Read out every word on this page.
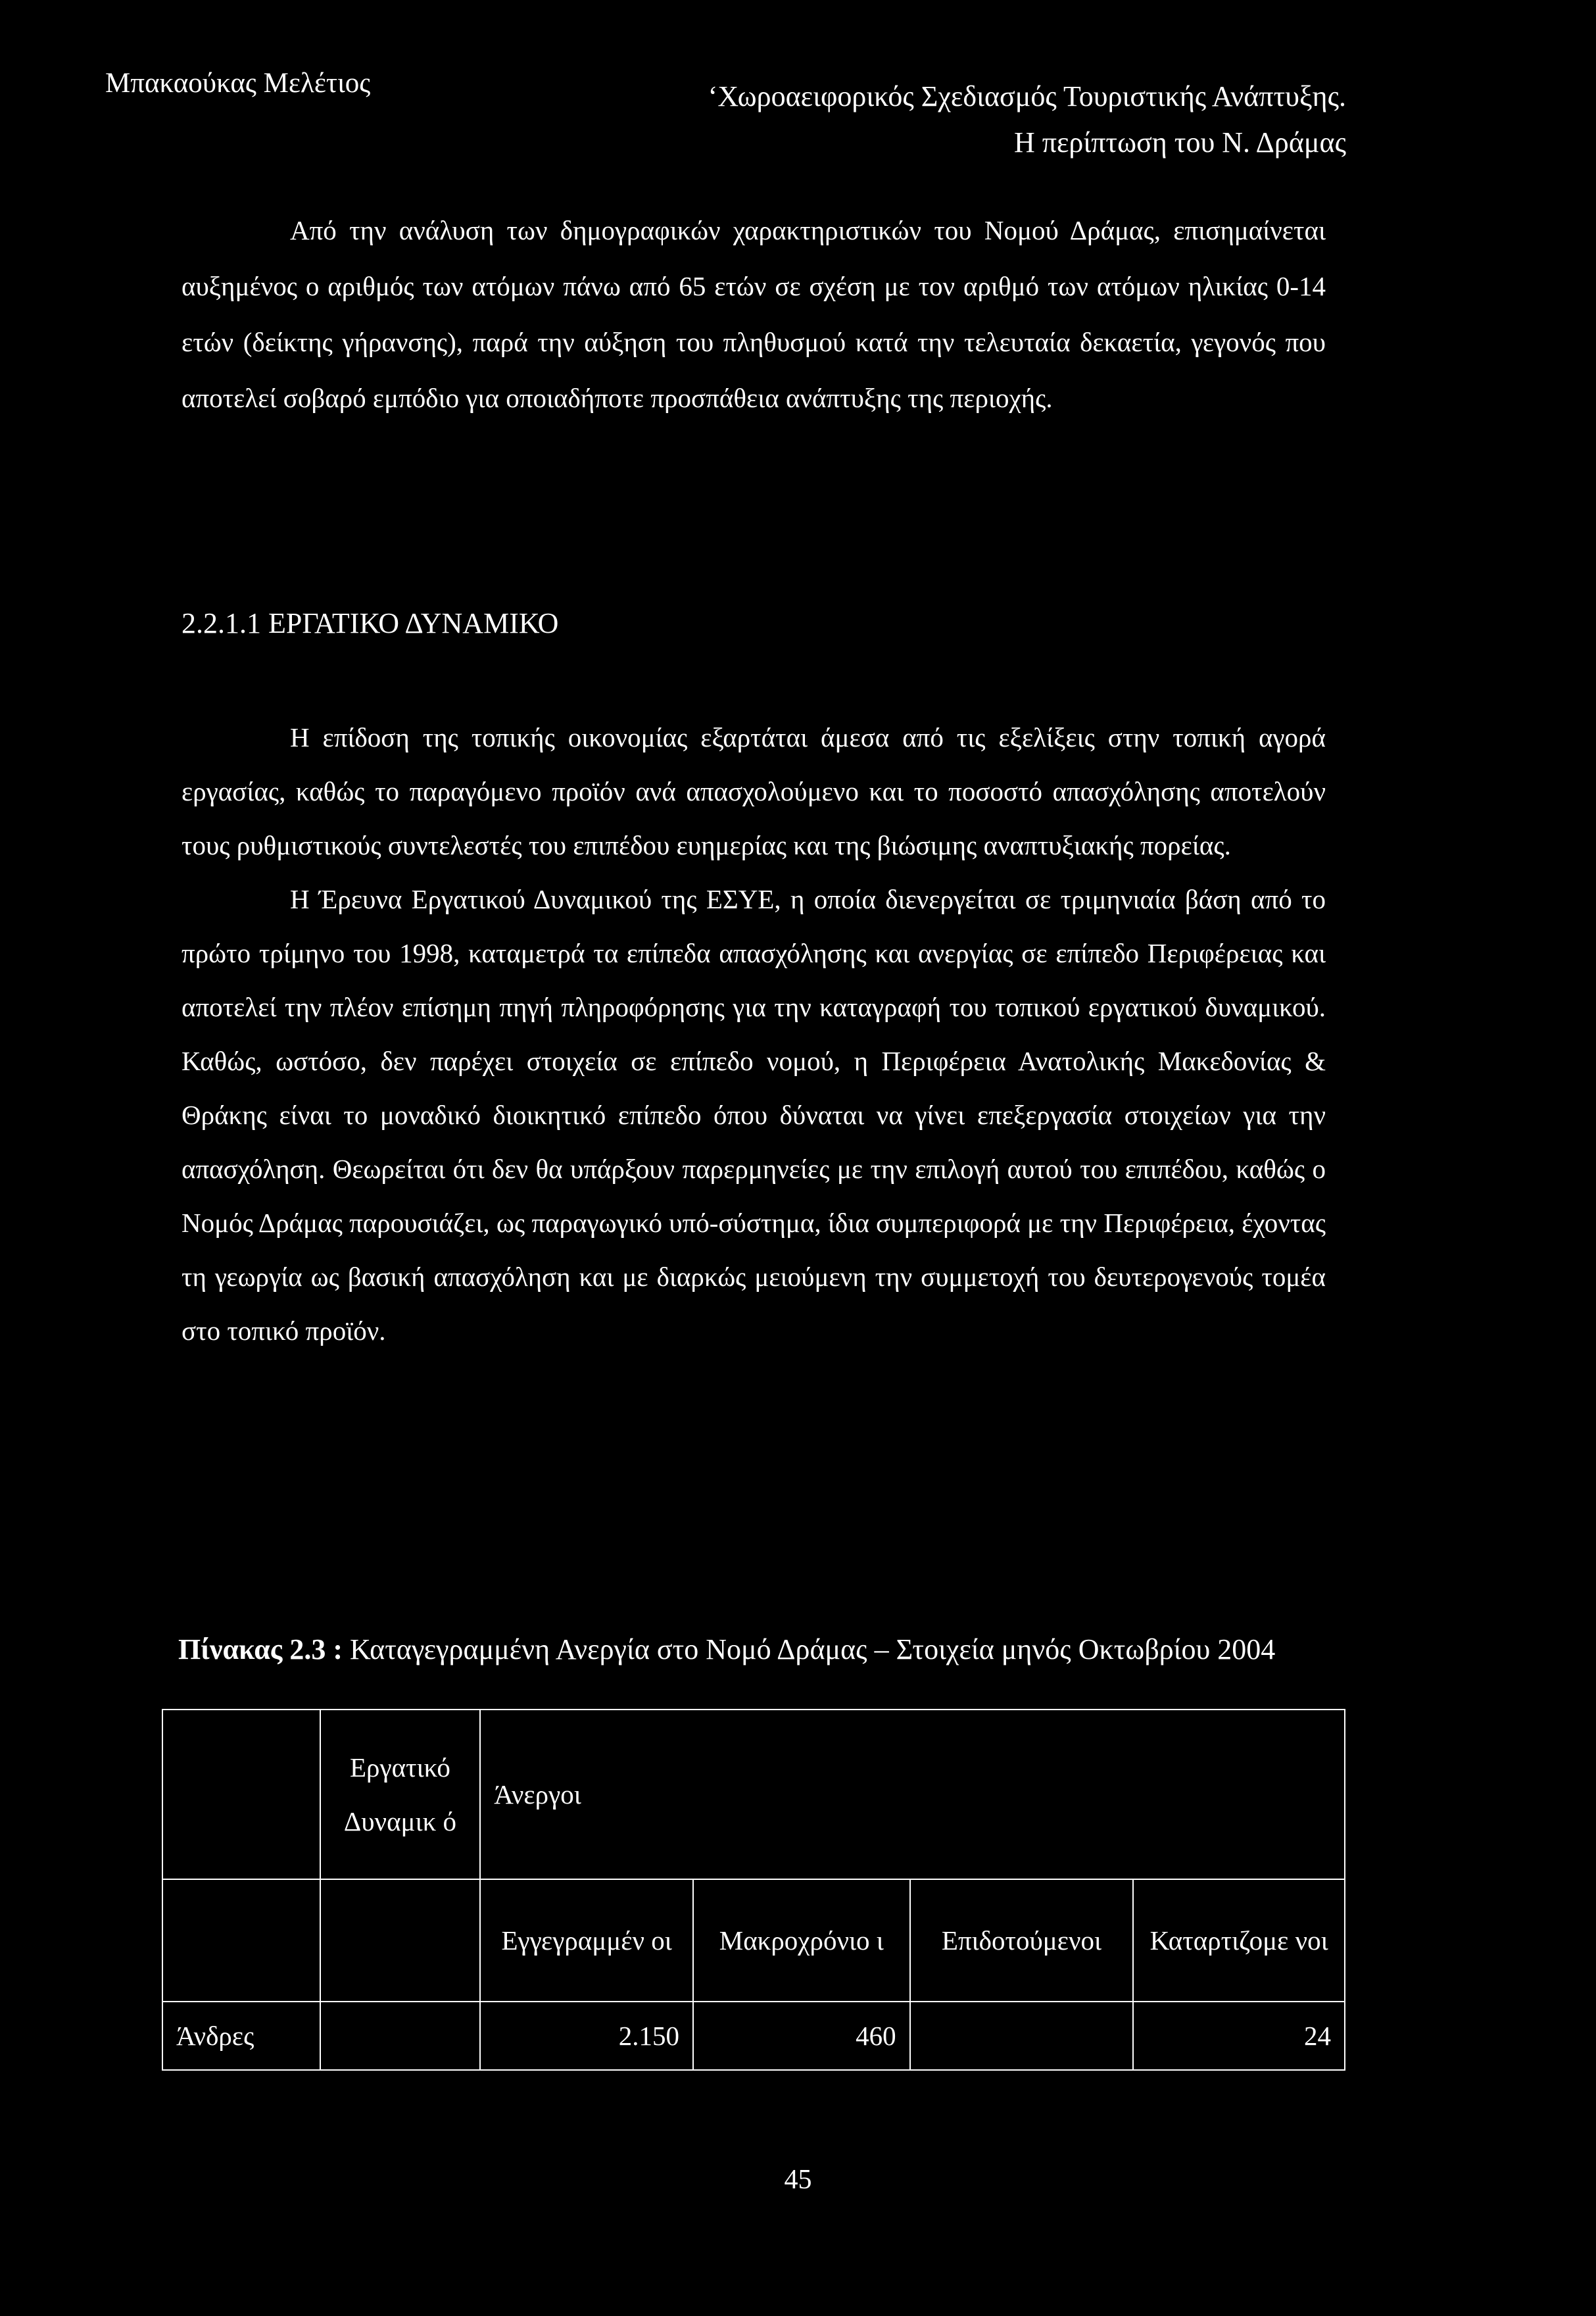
Μπακαούκας Μελέτιος	‘Χωροαειφορικός Σχεδιασμός Τουριστικής Ανάπτυξης.
Η περίπτωση του Ν. Δράμας

Από την ανάλυση των δημογραφικών χαρακτηριστικών του Νομού Δράμας, επισημαίνεται αυξημένος ο αριθμός των ατόμων πάνω από 65 ετών σε σχέση με τον αριθμό των ατόμων ηλικίας 0-14 ετών (δείκτης γήρανσης), παρά την αύξηση του πληθυσμού κατά την τελευταία δεκαετία, γεγονός που αποτελεί σοβαρό εμπόδιο για οποιαδήποτε προσπάθεια ανάπτυξης της περιοχής.

2.2.1.1 ΕΡΓΑΤΙΚΟ ΔΥΝΑΜΙΚΟ

Η επίδοση της τοπικής οικονομίας εξαρτάται άμεσα από τις εξελίξεις στην τοπική αγορά εργασίας, καθώς το παραγόμενο προϊόν ανά απασχολούμενο και το ποσοστό απασχόλησης αποτελούν τους ρυθμιστικούς συντελεστές του επιπέδου ευημερίας και της βιώσιμης αναπτυξιακής πορείας.

Η Έρευνα Εργατικού Δυναμικού της ΕΣΥΕ, η οποία διενεργείται σε τριμηνιαία βάση από το πρώτο τρίμηνο του 1998, καταμετρά τα επίπεδα απασχόλησης και ανεργίας σε επίπεδο Περιφέρειας και αποτελεί την πλέον επίσημη πηγή πληροφόρησης για την καταγραφή του τοπικού εργατικού δυναμικού. Καθώς, ωστόσο, δεν παρέχει στοιχεία σε επίπεδο νομού, η Περιφέρεια Ανατολικής Μακεδονίας & Θράκης είναι το μοναδικό διοικητικό επίπεδο όπου δύναται να γίνει επεξεργασία στοιχείων για την απασχόληση. Θεωρείται ότι δεν θα υπάρξουν παρερμηνείες με την επιλογή αυτού του επιπέδου, καθώς ο Νομός Δράμας παρουσιάζει, ως παραγωγικό υπό-σύστημα, ίδια συμπεριφορά με την Περιφέρεια, έχοντας τη γεωργία ως βασική απασχόληση και με διαρκώς μειούμενη την συμμετοχή του δευτερογενούς τομέα στο τοπικό προϊόν.

Πίνακας 2.3 : Καταγεγραμμένη Ανεργία στο Νομό Δράμας – Στοιχεία μηνός Οκτωβρίου 2004
	Εργατικό Δυναμικ ό	Άνεργοι			
		Εγγεγραμμέν οι	Μακροχρόνιο ι	Επιδοτούμενοι	Καταρτιζομε νοι
Άνδρες		2.150	460		24
45
